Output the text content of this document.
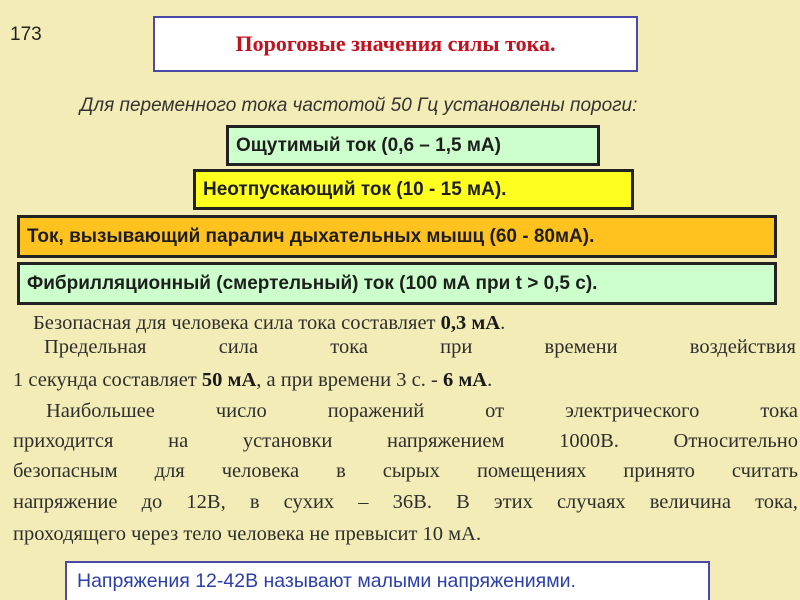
173	Пороговые значения силы тока.
Для переменного тока частотой 50 Гц установлены пороги:
Ощутимый ток (0,6 – 1,5 мА)
Неотпускающий ток (10 - 15 мА).
Ток, вызывающий паралич дыхательных мышц (60 - 80мА).
Фибрилляционный (смертельный) ток (100 мА при t > 0,5 с).
Безопасная для человека сила тока составляет 0,3 мА.
Предельная	сила	тока	при	времени	воздействия
1 секунда составляет 50 мА, а при времени 3 с. - 6 мА.
Наибольшее	число	поражений	от	электрического	тока
приходится	на	установки	напряжением	1000В.	Относительно
безопасным для человека в сырых помещениях принято считать
напряжение до 12В, в сухих – 36В. В этих случаях величина тока,
проходящего через тело человека не превысит 10 мА.
Напряжения 12-42В называют малыми напряжениями.
